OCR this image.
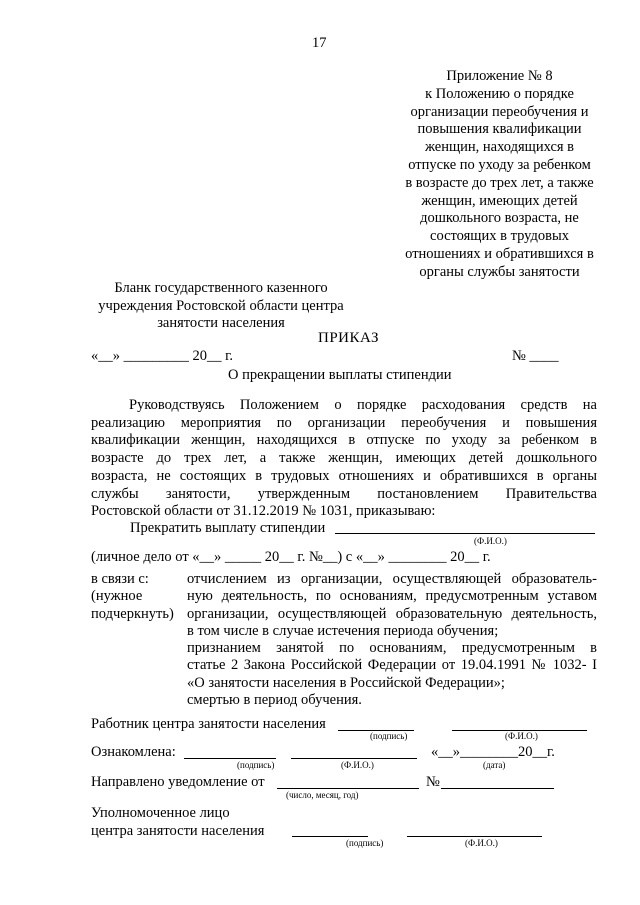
17
Приложение № 8
к Положению о порядке
организации переобучения и
повышения квалификации
женщин, находящихся в
отпуске по уходу за ребенком
в возрасте до трех лет, а также
женщин, имеющих детей
дошкольного возраста, не
состоящих в трудовых
отношениях и обратившихся в
органы службы занятости
Бланк государственного казенного
учреждения Ростовской области центра
занятости населения
ПРИКАЗ
«__» _________ 20__ г.	№ ____
О прекращении выплаты стипендии
Руководствуясь Положением о порядке расходования средств на
реализацию мероприятия по организации переобучения и повышения
квалификации женщин, находящихся в отпуске по уходу за ребенком в
возрасте до трех лет, а также женщин, имеющих детей дошкольного
возраста, не состоящих в трудовых отношениях и обратившихся в органы
службы занятости, утвержденным постановлением Правительства
Ростовской области от 31.12.2019 № 1031, приказываю:
Прекратить выплату стипендии
(Ф.И.О.)
(личное дело от «__» _____ 20__ г. №__) с «__» ________ 20__ г.
в связи с:
(нужное
подчеркнуть)
отчислением из организации, осуществляющей образователь-
ную деятельность, по основаниям, предусмотренным уставом
организации, осуществляющей образовательную деятельность,
в том числе в случае истечения периода обучения;
признанием занятой по основаниям, предусмотренным в
статье 2 Закона Российской Федерации от 19.04.1991 № 1032- I
«О занятости населения в Российской Федерации»;
смертью в период обучения.
Работник центра занятости населения
(подпись)	(Ф.И.О.)
Ознакомлена:	«__»________20__г.
(подпись)	(Ф.И.О.)	(дата)
Направлено уведомление от	№
(число, месяц, год)
Уполномоченное лицо
центра занятости населения
(подпись)	(Ф.И.О.)
